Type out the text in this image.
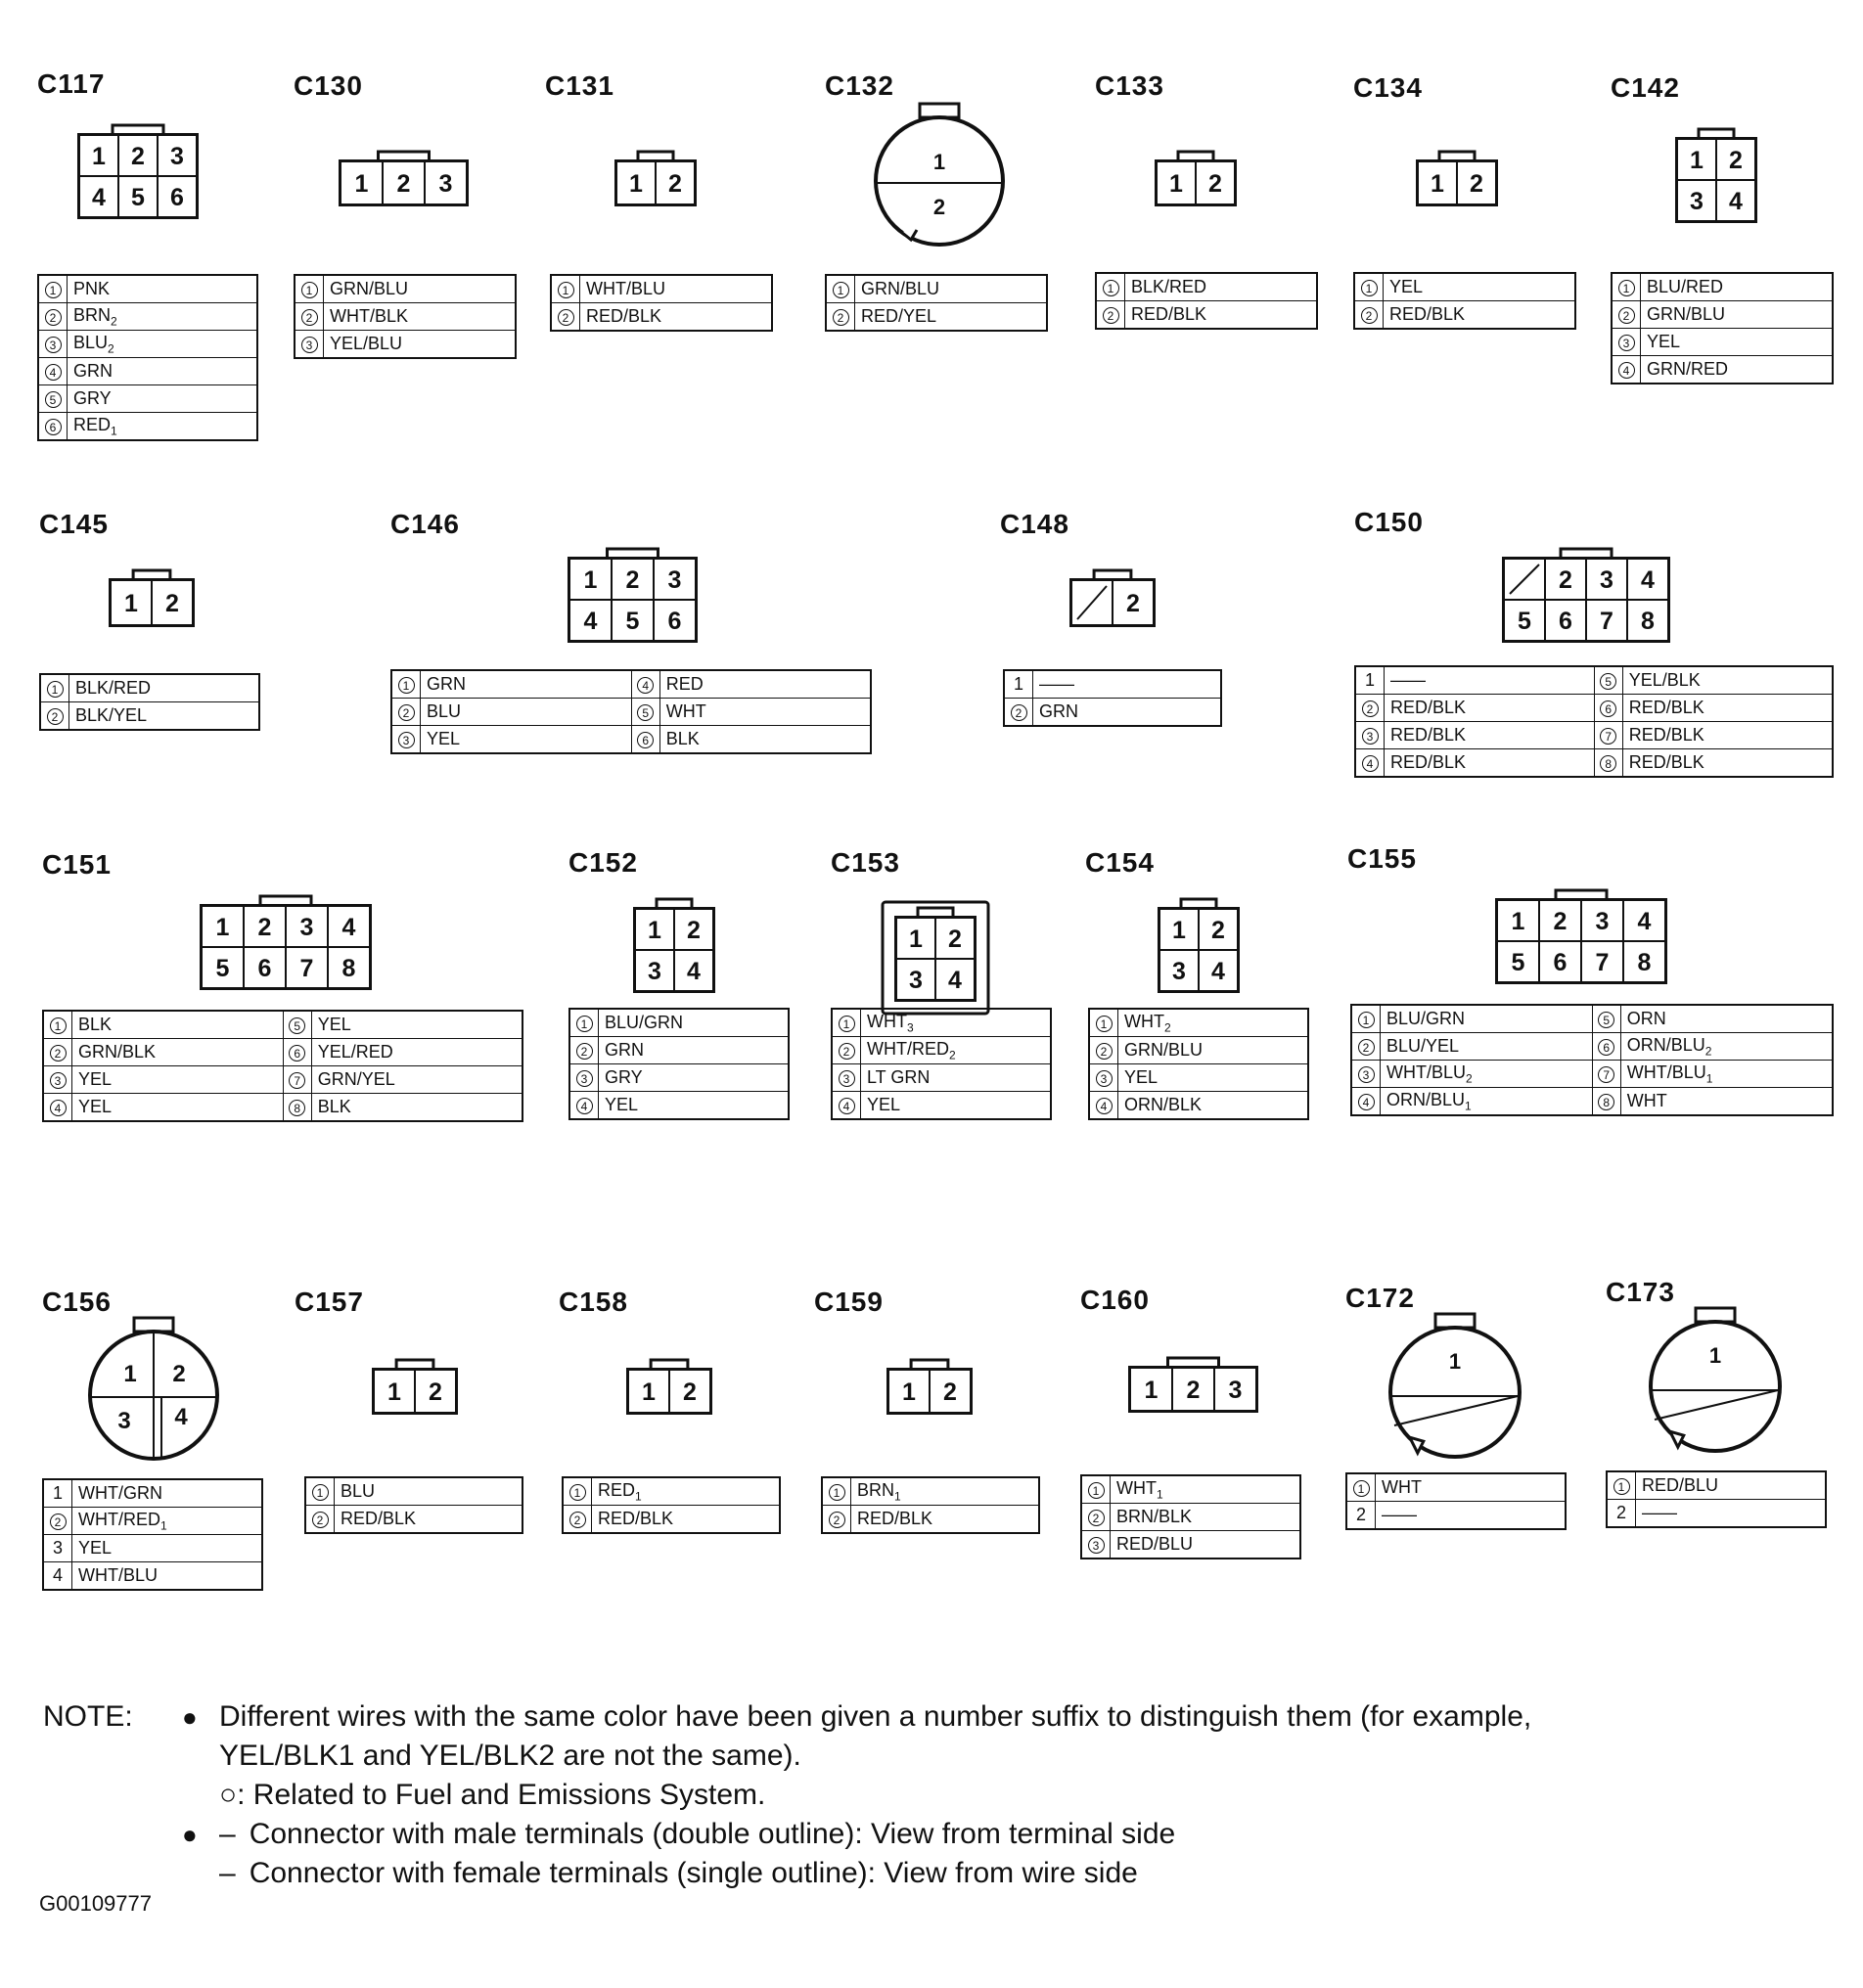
C117
1 2 3
4 5 6
1	PNK
2	$BRN_2$
3	$BLU_2$
4	GRN
5	GRY
6	$RED_1$
C130
1 2 3
1	GRN/BLU
2	WHT/BLK
3	YEL/BLU
C131
1 2
1	WHT/BLU
2	RED/BLK
C132
1
2
1	GRN/BLU
2	RED/YEL
C133
1 2
1	BLK/RED
2	RED/BLK
C134
1 2
1	YEL
2	RED/BLK
C142
1 2
3 4
1	BLU/RED
2	GRN/BLU
3	YEL
4	GRN/RED
C145
1 2
1	BLK/RED
2	BLK/YEL
C146
1 2 3
4 5 6
1	GRN	4	RED
2	BLU	5	WHT
3	YEL	6	BLK
C148
2
1	——
2	GRN
C150
2 3 4
5 6 7 8
1	——	5	YEL/BLK
2	RED/BLK	6	RED/BLK
3	RED/BLK	7	RED/BLK
4	RED/BLK	8	RED/BLK
C151
1 2 3 4
5 6 7 8
1	BLK	5	YEL
2	GRN/BLK	6	YEL/RED
3	YEL	7	GRN/YEL
4	YEL	8	BLK
C152
1 2
3 4
1	BLU/GRN
2	GRN
3	GRY
4	YEL
C153
1 2
3 4
1	$WHT_3$
2	WHT/$RED_2$
3	LT GRN
4	YEL
C154
1 2
3 4
1	$WHT_2$
2	GRN/BLU
3	YEL
4	ORN/BLK
C155
1 2 3 4
5 6 7 8
1	BLU/GRN	5	ORN
2	BLU/YEL	6	ORN/$BLU_2$
3	WHT/$BLU_2$	7	WHT/$BLU_1$
4	ORN/$BLU_1$	8	WHT
C156
1 2
3 4
1	WHT/GRN
2	WHT/$RED_1$
3	YEL
4	WHT/BLU
C157
1 2
1	BLU
2	RED/BLK
C158
1 2
1	$RED_1$
2	RED/BLK
C159
1 2
1	$BRN_1$
2	RED/BLK
C160
1 2 3
1	$WHT_1$
2	BRN/BLK
3	RED/BLU
C172
1
1	WHT
2	——
C173
1
1	RED/BLU
2	——
NOTE: ● Different wires with the same color have been given a number suffix to distinguish them (for example,
YEL/BLK1 and YEL/BLK2 are not the same).
○: Related to Fuel and Emissions System.
● – Connector with male terminals (double outline): View from terminal side
– Connector with female terminals (single outline): View from wire side
G00109777
